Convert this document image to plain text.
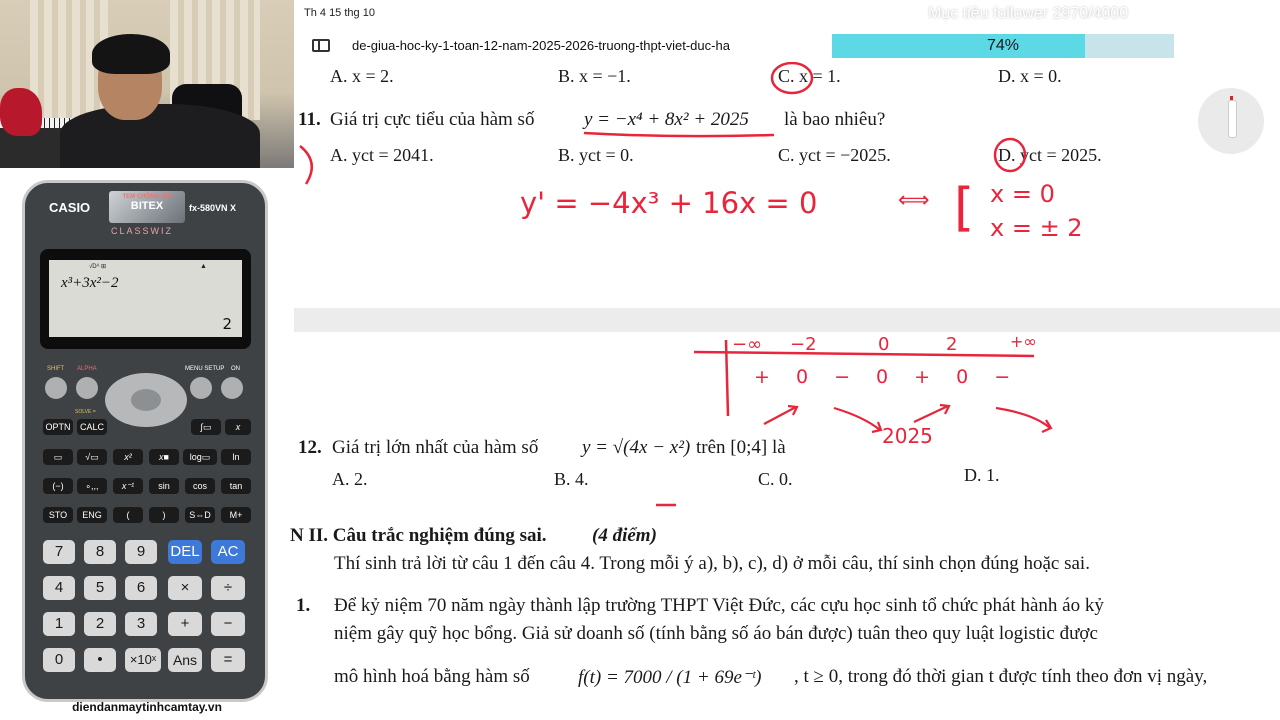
CASIO
TEM CHỐNG GIẢ
BITEX	fx-580VN X
CLASSWIZ
√Dᴬ ⊞	▲
x³+3x²−2
2
SHIFT ALPHA	MENU SETUP ON
SOLVE =
OPTN	CALC	∫▭	x
▭	√▭	x²	x■	log▭	ln
(−)	∘,,,	x⁻¹	sin	cos	tan
STO	ENG	(	)	S⇔D	M+
7	8	9	DEL	AC
4	5	6	×	÷
1	2	3	+	−
0	•	×10ˣ	Ans	=
diendanmaytinhcamtay.vn
Th 4 15 thg 10
de-giua-hoc-ky-1-toan-12-nam-2025-2026-truong-thpt-viet-duc-ha
Mục tiêu follower 2970/4000	45%
74%
A. x = 2.	B. x = −1.	C. x = 1.	D. x = 0.
11. Giá trị cực tiểu của hàm số	y = −x⁴ + 8x² + 2025 là bao nhiêu?
A. yct = 2041.	B. yct = 0.	C. yct = −2025.	D. yct = 2025.
12. Giá trị lớn nhất của hàm số y = √(4x − x²) trên [0;4] là
A. 2.	B. 4.	C. 0.	D. 1.
N II. Câu trắc nghiệm đúng sai. (4 điểm)
Thí sinh trả lời từ câu 1 đến câu 4. Trong mỗi ý a), b), c), d) ở mỗi câu, thí sinh chọn đúng hoặc sai.
1. Để kỷ niệm 70 năm ngày thành lập trường THPT Việt Đức, các cựu học sinh tổ chức phát hành áo kỷ
niệm gây quỹ học bổng. Giả sử doanh số (tính bằng số áo bán được) tuân theo quy luật logistic được
mô hình hoá bằng hàm số	f(t) = 7000 / (1 + 69e⁻ᵗ) , t ≥ 0, trong đó thời gian t được tính theo đơn vị ngày,
y' = −4x³ + 16x = 0	⟺ [ x = 0
x = ± 2
−∞ −2	0	2	+∞
+ 0 − 0 + 0 −
2025
